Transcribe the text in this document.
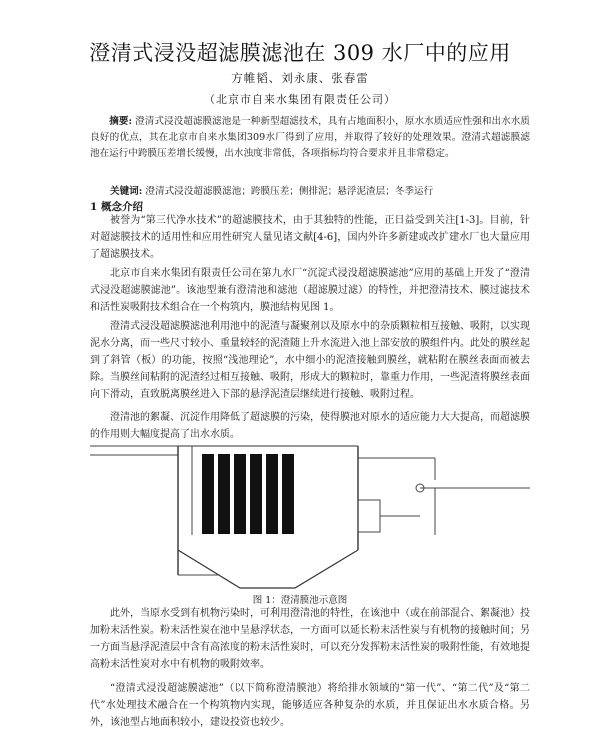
澄清式浸没超滤膜滤池在 309 水厂中的应用
方帷韬、刘永康、张春雷
（北京市自来水集团有限责任公司）
摘要: 澄清式浸没超滤膜滤池是一种新型超滤技术，具有占地面积小，原水水质适应性强和出水水质良好的优点，其在北京市自来水集团309水厂得到了应用，并取得了较好的处理效果。澄清式超滤膜滤池在运行中跨膜压差增长缓慢，出水浊度非常低，各项指标均符合要求并且非常稳定。
关键词: 澄清式浸没超滤膜滤池；跨膜压差；侧排泥；悬浮泥渣层；冬季运行
1 概念介绍
被誉为“第三代净水技术”的超滤膜技术，由于其独特的性能，正日益受到关注[1-3]。目前，针对超滤膜技术的适用性和应用性研究人量见诸文献[4-6]，国内外许多新建或改扩建水厂也大量应用了超滤膜技术。
北京市自来水集团有限责任公司在第九水厂“沉淀式浸没超滤膜滤池”应用的基础上开发了“澄清式浸没超滤膜滤池”。该池型兼有澄清池和滤池（超滤膜过滤）的特性，并把澄清技术、膜过滤技术和活性炭吸附技术组合在一个构筑内，膜池结构见图 1。
澄清式浸没超滤膜滤池利用池中的泥渣与凝聚剂以及原水中的杂质颗粒相互接触、吸附，以实现泥水分离，而一些尺寸较小、重量较轻的泥渣随上升水流进入池上部安放的膜组件内。此处的膜丝起到了斜管（板）的功能，按照“浅池理论”，水中细小的泥渣接触到膜丝，就粘附在膜丝表面而被去除。当膜丝间粘附的泥渣经过相互接触、吸附，形成大的颗粒时，靠重力作用，一些泥渣将膜丝表面向下滑动，直致脱离膜丝进入下部的悬浮泥渣层继续进行接触、吸附过程。
澄清池的絮凝、沉淀作用降低了超滤膜的污染，使得膜池对原水的适应能力大大提高，而超滤膜的作用则大幅度提高了出水水质。
图 1：澄清膜池示意图
此外，当原水受到有机物污染时，可利用澄清池的特性，在该池中（或在前部混合、絮凝池）投加粉末活性炭。粉末活性炭在池中呈悬浮状态，一方面可以延长粉末活性炭与有机物的接触时间；另一方面当悬浮泥渣层中含有高浓度的粉末活性炭时，可以充分发挥粉末活性炭的吸附性能，有效地提高粉末活性炭对水中有机物的吸附效率。
“澄清式浸没超滤膜滤池”（以下简称澄清膜池）将给排水领域的“第一代”、“第二代”及“第二代”水处理技术融合在一个构筑物内实现，能够适应各种复杂的水质，并且保证出水水质合格。另外，该池型占地面积较小，建设投资也较少。
